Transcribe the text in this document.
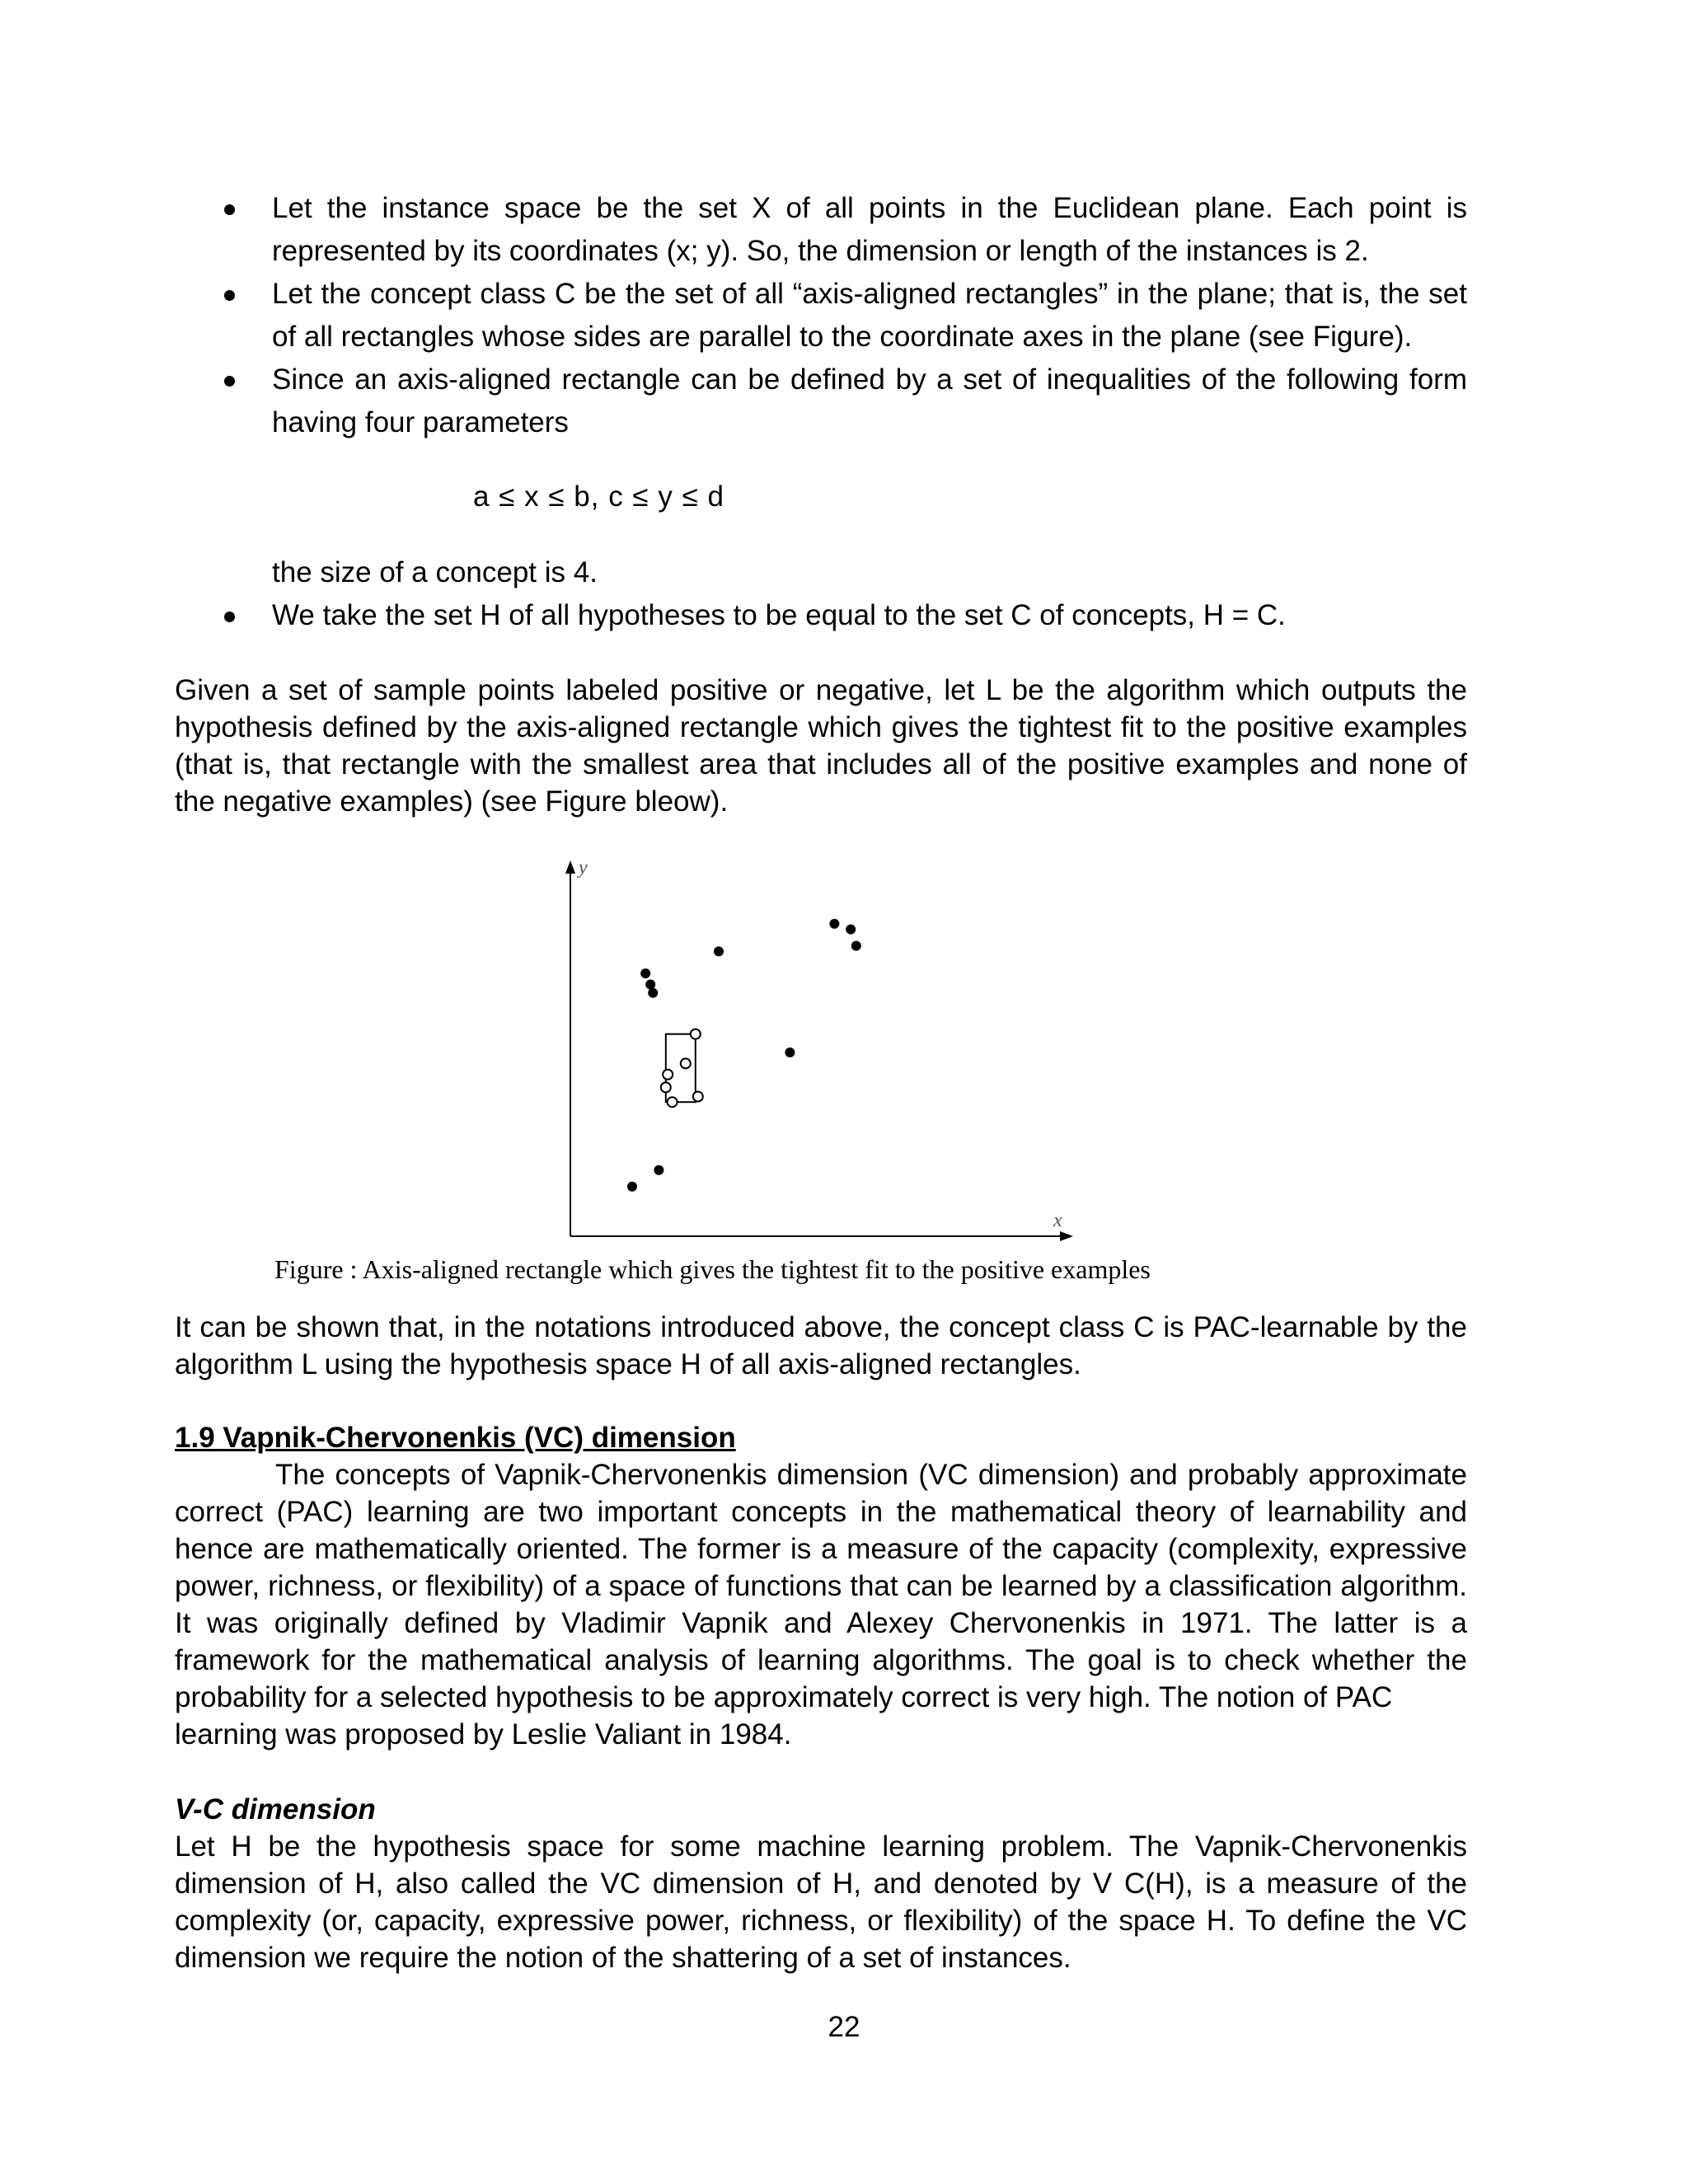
Let the instance space be the set X of all points in the Euclidean plane. Each point is represented by its coordinates (x; y). So, the dimension or length of the instances is 2.
Let the concept class C be the set of all “axis-aligned rectangles” in the plane; that is, the set of all rectangles whose sides are parallel to the coordinate axes in the plane (see Figure).
Since an axis-aligned rectangle can be defined by a set of inequalities of the following form having four parameters
a ≤ x ≤ b, c ≤ y ≤ d
the size of a concept is 4.
We take the set H of all hypotheses to be equal to the set C of concepts, H = C.

Given a set of sample points labeled positive or negative, let L be the algorithm which outputs the hypothesis defined by the axis-aligned rectangle which gives the tightest fit to the positive examples (that is, that rectangle with the smallest area that includes all of the positive examples and none of the negative examples) (see Figure bleow).

y
x
Figure : Axis-aligned rectangle which gives the tightest fit to the positive examples

It can be shown that, in the notations introduced above, the concept class C is PAC-learnable by the algorithm L using the hypothesis space H of all axis-aligned rectangles.

1.9 Vapnik-Chervonenkis (VC) dimension

The concepts of Vapnik-Chervonenkis dimension (VC dimension) and probably approximate correct (PAC) learning are two important concepts in the mathematical theory of learnability and hence are mathematically oriented. The former is a measure of the capacity (complexity, expressive power, richness, or flexibility) of a space of functions that can be learned by a classification algorithm. It was originally defined by Vladimir Vapnik and Alexey Chervonenkis in 1971. The latter is a framework for the mathematical analysis of learning algorithms. The goal is to check whether the probability for a selected hypothesis to be approximately correct is very high. The notion of PAC

learning was proposed by Leslie Valiant in 1984.

V-C dimension

Let H be the hypothesis space for some machine learning problem. The Vapnik-Chervonenkis dimension of H, also called the VC dimension of H, and denoted by V C(H), is a measure of the complexity (or, capacity, expressive power, richness, or flexibility) of the space H. To define the VC dimension we require the notion of the shattering of a set of instances.

22
